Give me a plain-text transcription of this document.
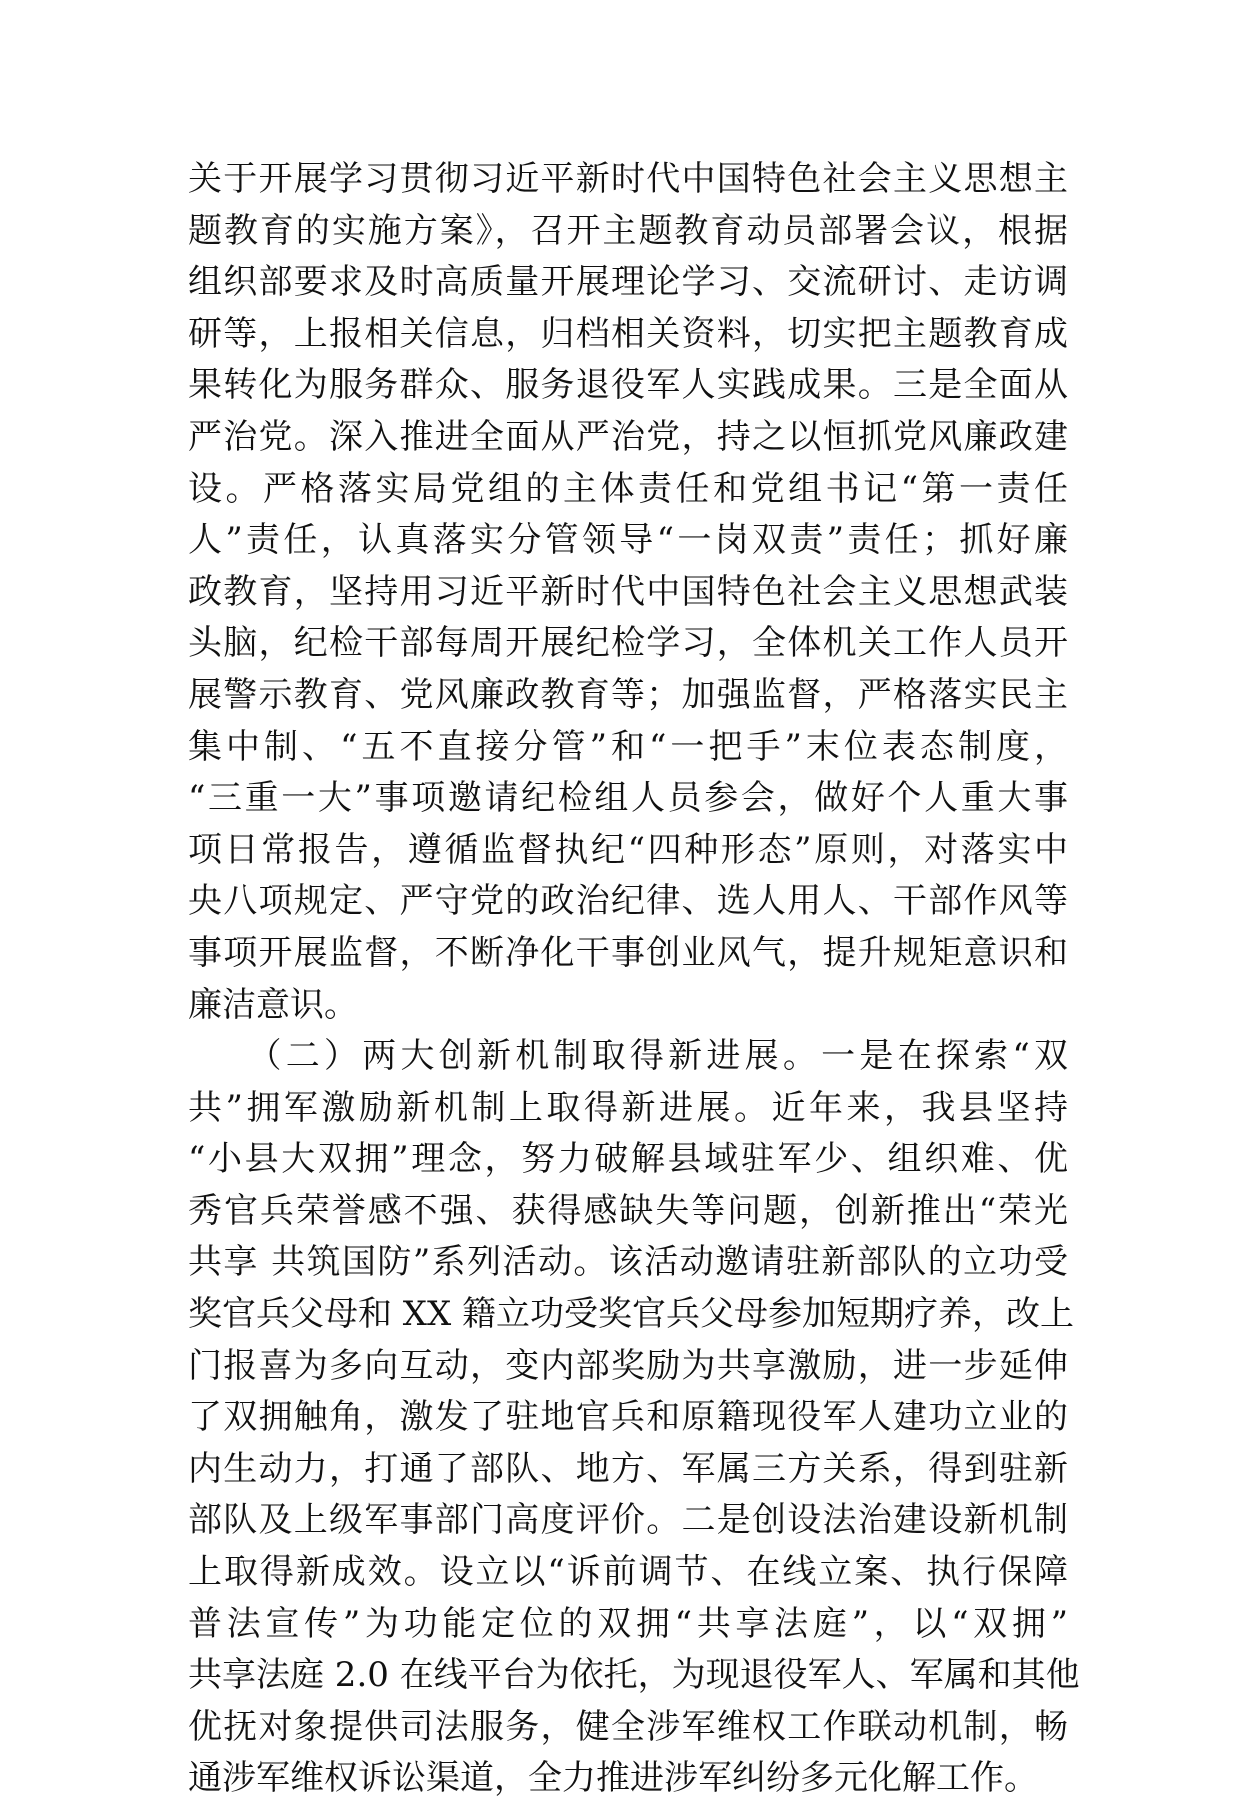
关于开展学习贯彻习近平新时代中国特色社会主义思想主
题教育的实施方案》，召开主题教育动员部署会议，根据
组织部要求及时高质量开展理论学习、交流研讨、走访调
研等，上报相关信息，归档相关资料，切实把主题教育成
果转化为服务群众、服务退役军人实践成果。三是全面从
严治党。深入推进全面从严治党，持之以恒抓党风廉政建
设。严格落实局党组的主体责任和党组书记“第一责任
人”责任，认真落实分管领导“一岗双责”责任；抓好廉
政教育，坚持用习近平新时代中国特色社会主义思想武装
头脑，纪检干部每周开展纪检学习，全体机关工作人员开
展警示教育、党风廉政教育等；加强监督，严格落实民主
集中制、“五不直接分管”和“一把手”末位表态制度，
“三重一大”事项邀请纪检组人员参会，做好个人重大事
项日常报告，遵循监督执纪“四种形态”原则，对落实中
央八项规定、严守党的政治纪律、选人用人、干部作风等
事项开展监督，不断净化干事创业风气，提升规矩意识和
廉洁意识。
　　（二）两大创新机制取得新进展。一是在探索“双
共”拥军激励新机制上取得新进展。近年来，我县坚持
“小县大双拥”理念，努力破解县域驻军少、组织难、优
秀官兵荣誉感不强、获得感缺失等问题，创新推出“荣光
共享 共筑国防”系列活动。该活动邀请驻新部队的立功受
奖官兵父母和 XX 籍立功受奖官兵父母参加短期疗养，改上
门报喜为多向互动，变内部奖励为共享激励，进一步延伸
了双拥触角，激发了驻地官兵和原籍现役军人建功立业的
内生动力，打通了部队、地方、军属三方关系，得到驻新
部队及上级军事部门高度评价。二是创设法治建设新机制
上取得新成效。设立以“诉前调节、在线立案、执行保障
普法宣传”为功能定位的双拥“共享法庭”，以“双拥”
共享法庭 2.0 在线平台为依托，为现退役军人、军属和其他
优抚对象提供司法服务，健全涉军维权工作联动机制，畅
通涉军维权诉讼渠道，全力推进涉军纠纷多元化解工作。
